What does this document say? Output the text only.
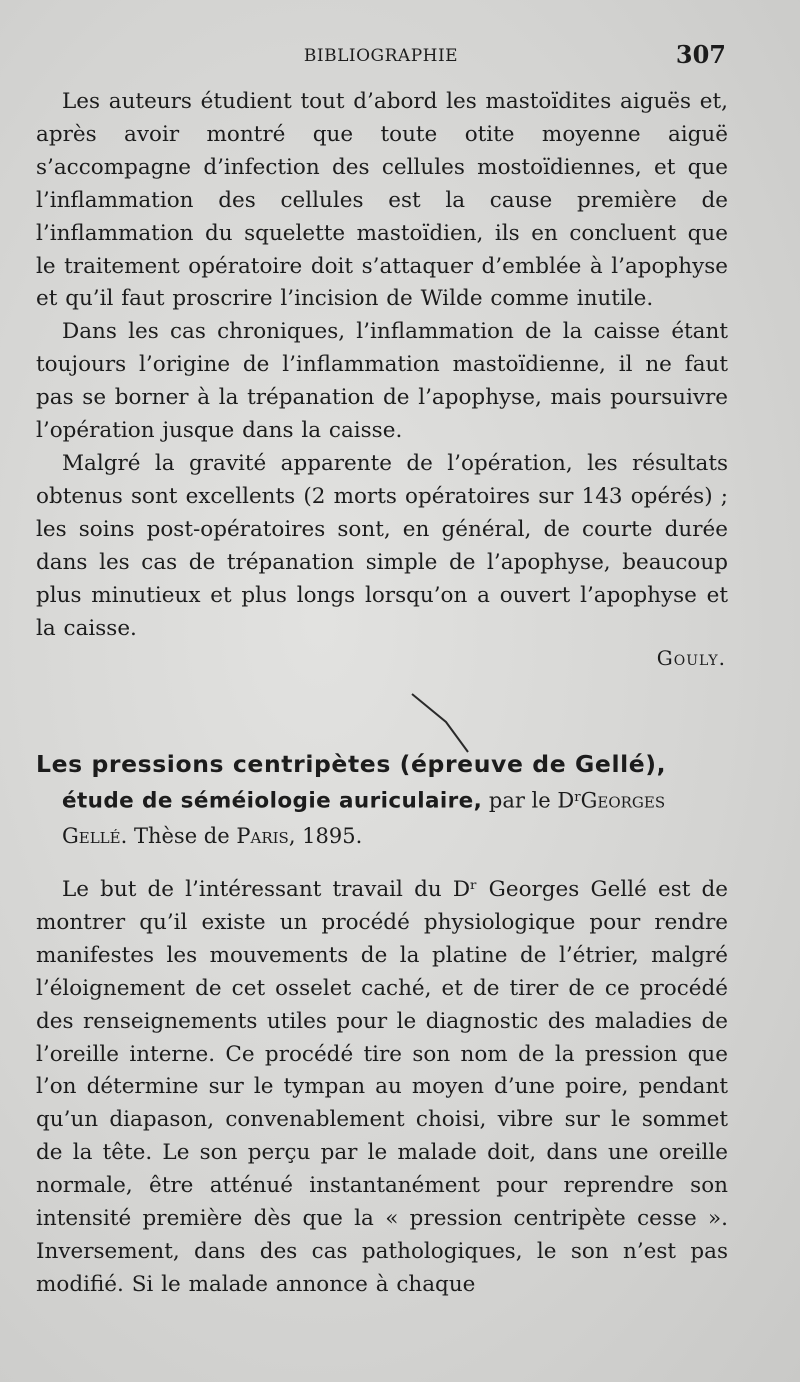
BIBLIOGRAPHIE	307

Les auteurs étudient tout d’abord les mastoïdites aiguës et, après avoir montré que toute otite moyenne aiguë s’accompagne d’infection des cellules mostoïdiennes, et que l’inflammation des cellules est la cause première de l’inflammation du squelette mastoïdien, ils en concluent que le traitement opératoire doit s’attaquer d’emblée à l’apophyse et qu’il faut proscrire l’incision de Wilde comme inutile.

Dans les cas chroniques, l’inflammation de la caisse étant toujours l’origine de l’inflammation mastoïdienne, il ne faut pas se borner à la trépanation de l’apophyse, mais poursuivre l’opération jusque dans la caisse.

Malgré la gravité apparente de l’opération, les résultats obtenus sont excellents (2 morts opératoires sur 143 opérés) ; les soins post-opératoires sont, en général, de courte durée dans les cas de trépanation simple de l’apophyse, beaucoup plus minutieux et plus longs lorsqu’on a ouvert l’apophyse et la caisse.

Gouly.
Les pressions centripètes (épreuve de Gellé),
étude de séméiologie auriculaire, par le $D^rGeorges$
Gellé. Thèse de Paris, 1895.

Le but de l’intéressant travail du Dʳ Georges Gellé est de montrer qu’il existe un procédé physiologique pour rendre manifestes les mouvements de la platine de l’étrier, malgré l’éloignement de cet osselet caché, et de tirer de ce procédé des renseignements utiles pour le diagnostic des maladies de l’oreille interne. Ce procédé tire son nom de la pression que l’on détermine sur le tympan au moyen d’une poire, pendant qu’un diapason, convenablement choisi, vibre sur le sommet de la tête. Le son perçu par le malade doit, dans une oreille normale, être atténué instantanément pour reprendre son intensité première dès que la « pression centripète cesse ». Inversement, dans des cas pathologiques, le son n’est pas modifié. Si le malade annonce à chaque
